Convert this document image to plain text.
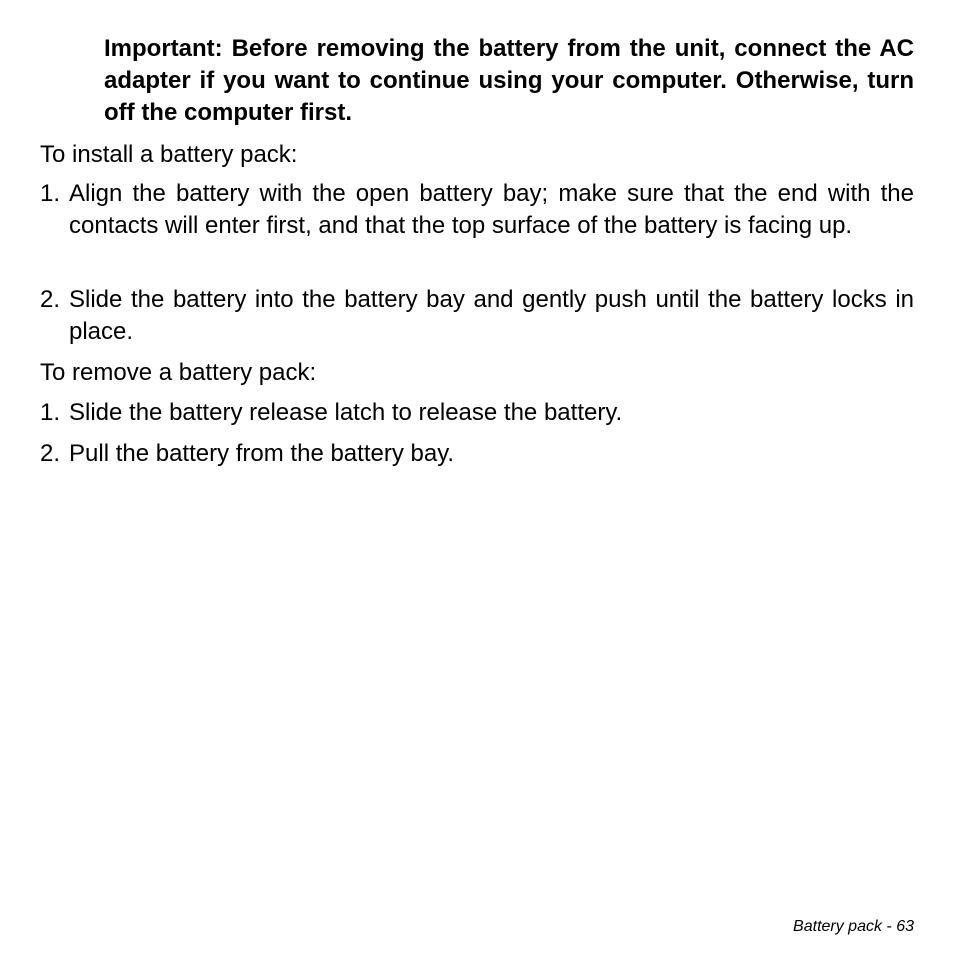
Important: Before removing the battery from the unit, connect the AC adapter if you want to continue using your computer. Otherwise, turn off the computer first.

To install a battery pack:

1. Align the battery with the open battery bay; make sure that the end with the contacts will enter first, and that the top surface of the battery is facing up.
2. Slide the battery into the battery bay and gently push until the battery locks in place.

To remove a battery pack:

1. Slide the battery release latch to release the battery.
2. Pull the battery from the battery bay.
Battery pack - 63
